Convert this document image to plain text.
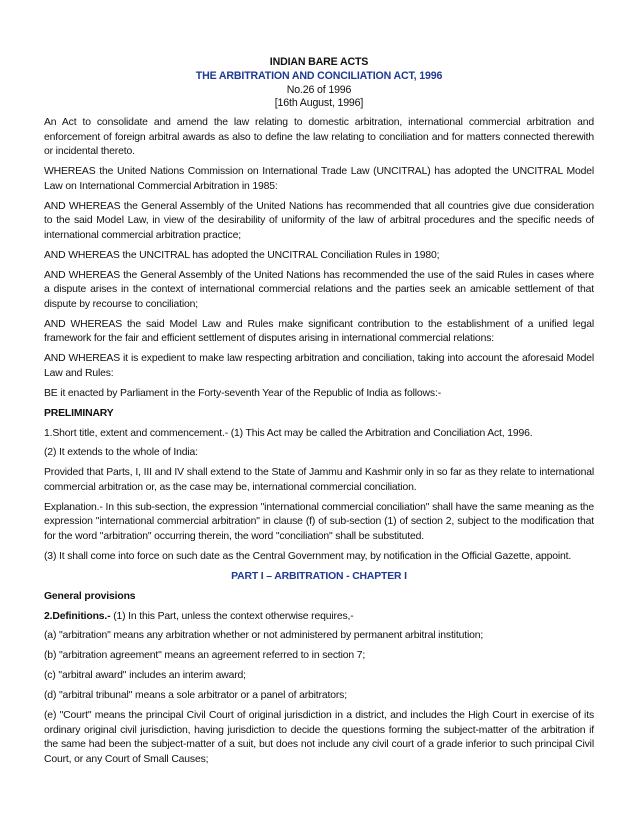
INDIAN BARE ACTS
THE ARBITRATION AND CONCILIATION ACT, 1996
No.26 of 1996
[16th August, 1996]

An Act to consolidate and amend the law relating to domestic arbitration, international commercial arbitration and enforcement of foreign arbitral awards as also to define the law relating to conciliation and for matters connected therewith or incidental thereto.

WHEREAS the United Nations Commission on International Trade Law (UNCITRAL) has adopted the UNCITRAL Model Law on International Commercial Arbitration in 1985:

AND WHEREAS the General Assembly of the United Nations has recommended that all countries give due consideration to the said Model Law, in view of the desirability of uniformity of the law of arbitral procedures and the specific needs of international commercial arbitration practice;

AND WHEREAS the UNCITRAL has adopted the UNCITRAL Conciliation Rules in 1980;

AND WHEREAS the General Assembly of the United Nations has recommended the use of the said Rules in cases where a dispute arises in the context of international commercial relations and the parties seek an amicable settlement of that dispute by recourse to conciliation;

AND WHEREAS the said Model Law and Rules make significant contribution to the establishment of a unified legal framework for the fair and efficient settlement of disputes arising in international commercial relations:

AND WHEREAS it is expedient to make law respecting arbitration and conciliation, taking into account the aforesaid Model Law and Rules:

BE it enacted by Parliament in the Forty-seventh Year of the Republic of India as follows:-

PRELIMINARY

1.Short title, extent and commencement.- (1) This Act may be called the Arbitration and Conciliation Act, 1996.

(2) It extends to the whole of India:

Provided that Parts, I, III and IV shall extend to the State of Jammu and Kashmir only in so far as they relate to international commercial arbitration or, as the case may be, international commercial conciliation.

Explanation.- In this sub-section, the expression "international commercial conciliation" shall have the same meaning as the expression "international commercial arbitration" in clause (f) of sub-section (1) of section 2, subject to the modification that for the word "arbitration" occurring therein, the word "conciliation" shall be substituted.

(3) It shall come into force on such date as the Central Government may, by notification in the Official Gazette, appoint.

PART I – ARBITRATION - CHAPTER I
General provisions

2.Definitions.- (1) In this Part, unless the context otherwise requires,-

(a) "arbitration" means any arbitration whether or not administered by permanent arbitral institution;

(b) "arbitration agreement" means an agreement referred to in section 7;

(c) "arbitral award" includes an interim award;

(d) "arbitral tribunal" means a sole arbitrator or a panel of arbitrators;

(e) "Court" means the principal Civil Court of original jurisdiction in a district, and includes the High Court in exercise of its ordinary original civil jurisdiction, having jurisdiction to decide the questions forming the subject-matter of the arbitration if the same had been the subject-matter of a suit, but does not include any civil court of a grade inferior to such principal Civil Court, or any Court of Small Causes;
